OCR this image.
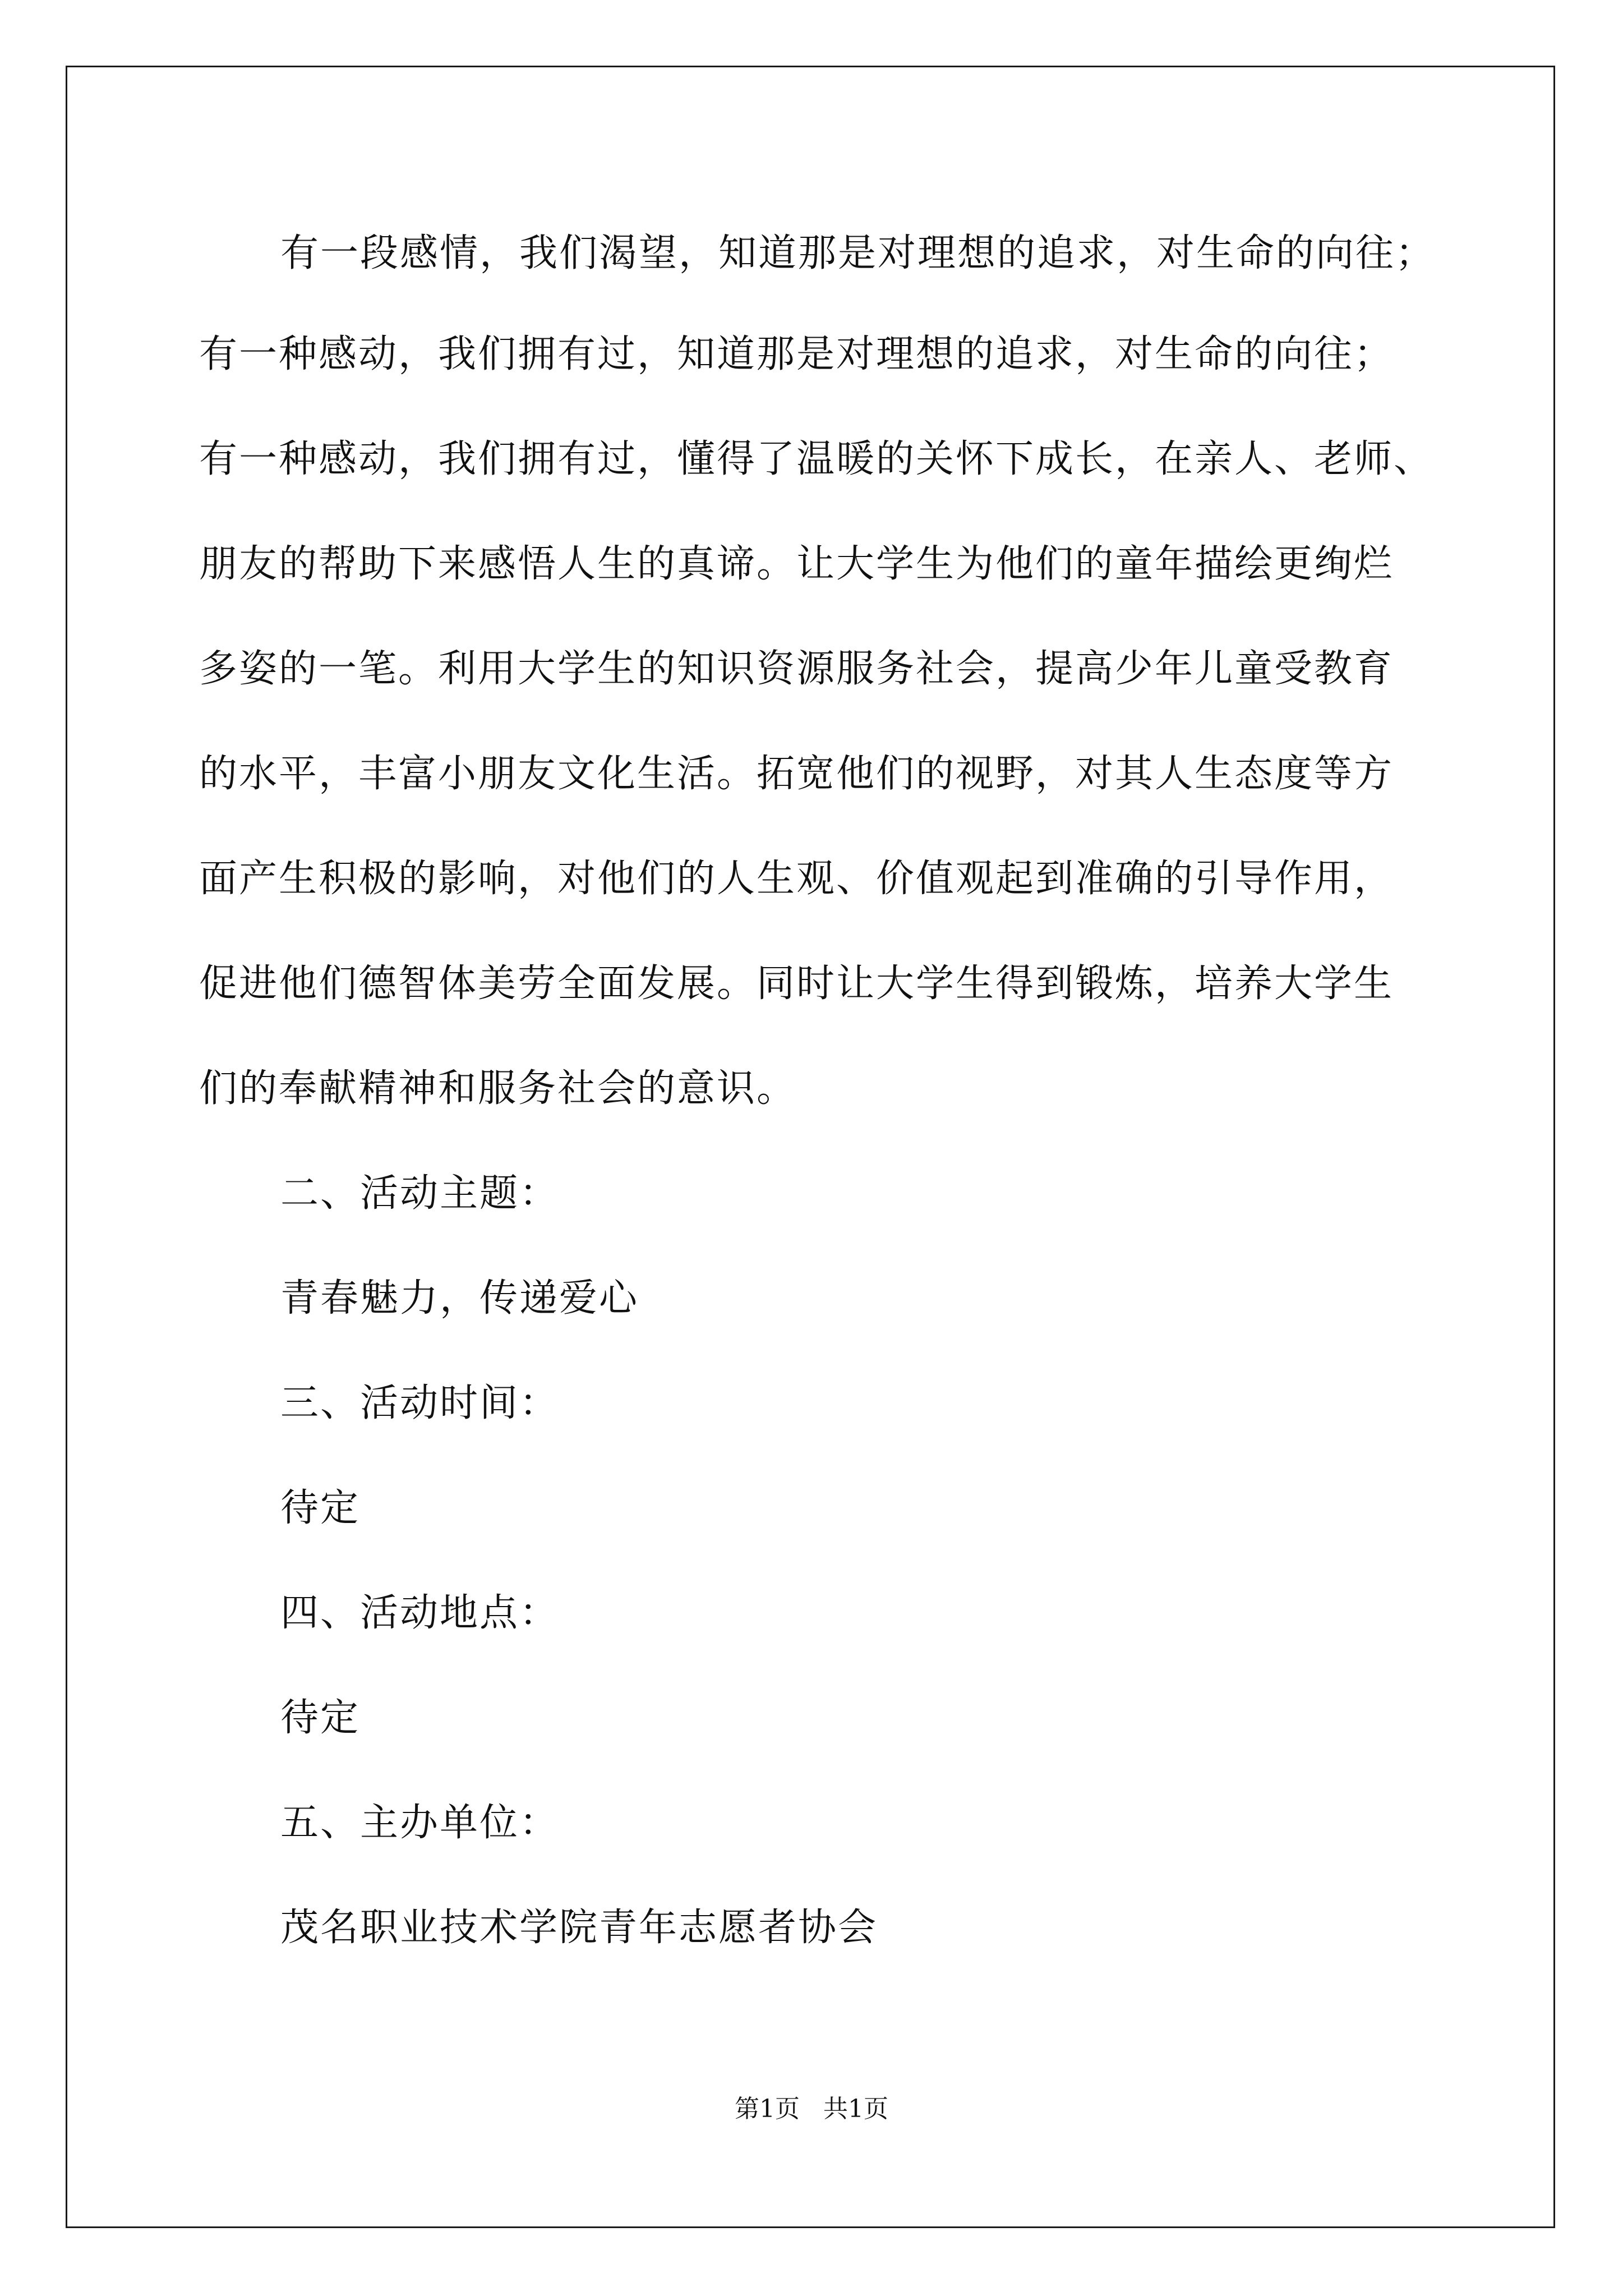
有一段感情，我们渴望，知道那是对理想的追求，对生命的向往；
有一种感动，我们拥有过，知道那是对理想的追求，对生命的向往；
有一种感动，我们拥有过，懂得了温暖的关怀下成长，在亲人、老师、
朋友的帮助下来感悟人生的真谛。让大学生为他们的童年描绘更绚烂
多姿的一笔。利用大学生的知识资源服务社会，提高少年儿童受教育
的水平，丰富小朋友文化生活。拓宽他们的视野，对其人生态度等方
面产生积极的影响，对他们的人生观、价值观起到准确的引导作用，
促进他们德智体美劳全面发展。同时让大学生得到锻炼，培养大学生
们的奉献精神和服务社会的意识。
二、活动主题：
青春魅力，传递爱心
三、活动时间：
待定
四、活动地点：
待定
五、主办单位：
茂名职业技术学院青年志愿者协会
第1页   共1页
